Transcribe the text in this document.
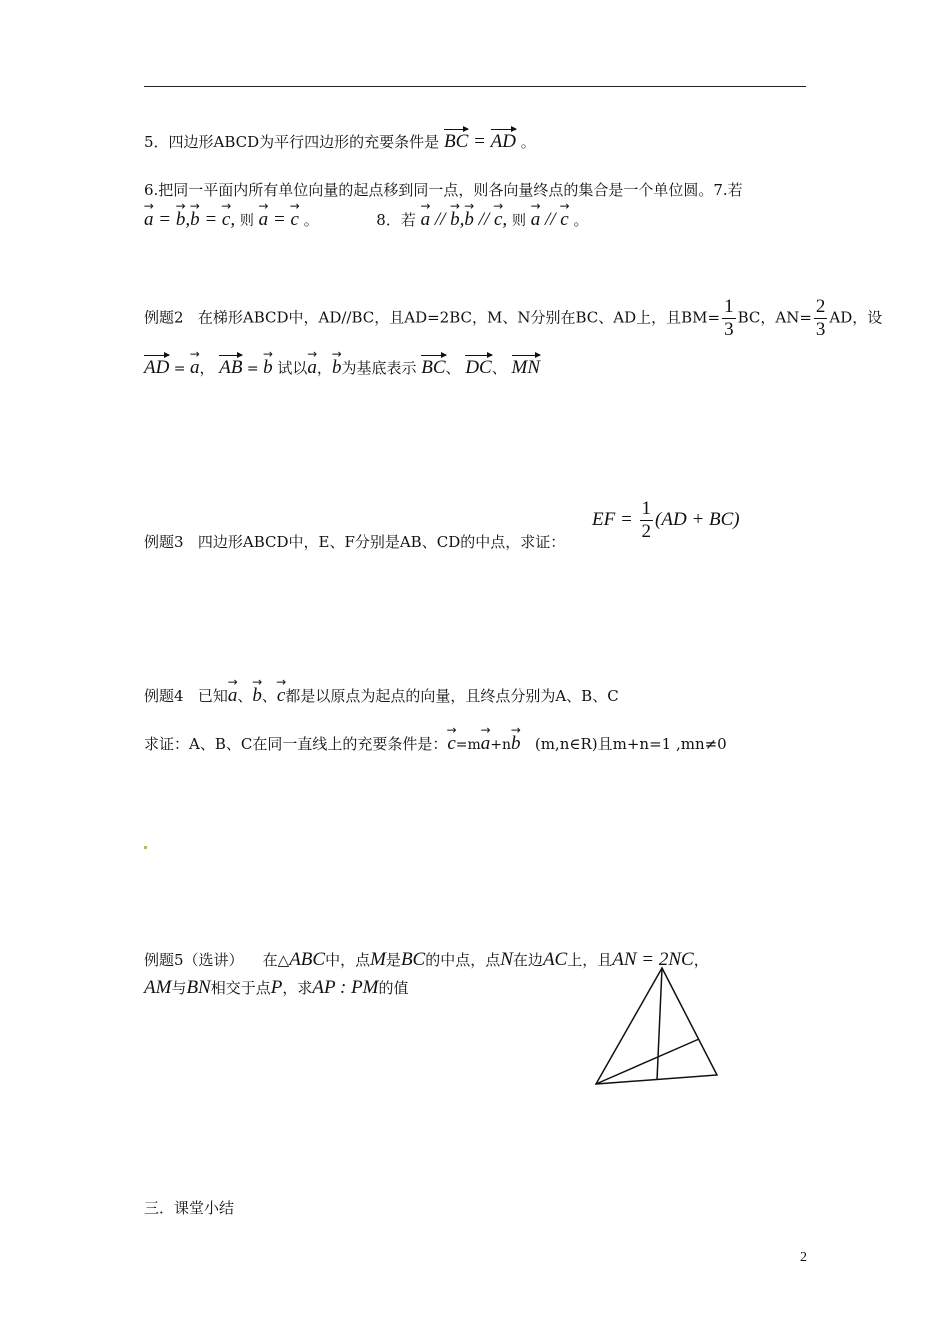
5．四边形ABCD为平行四边形的充要条件是 BC = AD 。
6.把同一平面内所有单位向量的起点移到同一点，则各向量终点的集合是一个单位圆。7.若
→ a = → b,→ b = → c, 则 → a = → c 。	8．若 → a // → b,→ b // → c, 则 → a // → c 。
例题2 在梯形ABCD中，AD//BC，且AD=2BC，M、N分别在BC、AD上，且$BM= \frac{1}{3}$ BC，$AN= \frac{2}{3}$ AD，设
AD = → a， AB = → b 试以→ a，→ b为基底表示 BC、 DC、 MN
例题3 四边形ABCD中，E、F分别是AB、CD的中点，求证：
EF = $\frac{1}{2} (AD + BC)$
例题4 已知→ a、→ b、→ c都是以原点为起点的向量，且终点分别为A、B、C
求证：A、B、C在同一直线上的充要条件是：→ c=m→ a+n→ b (m,n∈R)且m+n=1 ,mn≠0
例题5（选讲） 在△ABC中，点M是BC的中点，点N在边AC上，且AN = 2NC，
AM与BN相交于点P，求AP : PM的值
三．课堂小结
2
